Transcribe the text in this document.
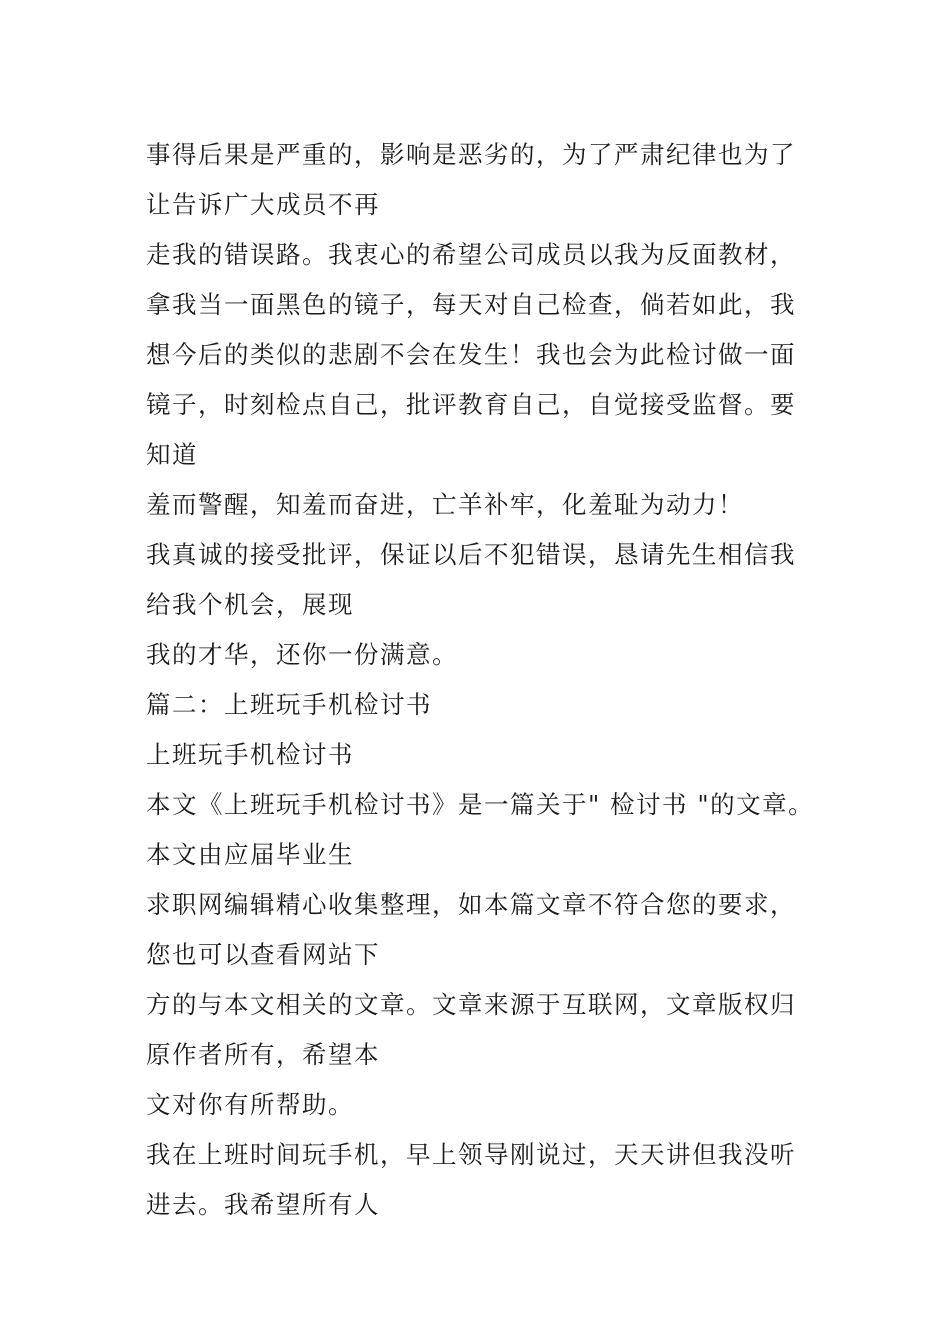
事得后果是严重的，影响是恶劣的，为了严肃纪律也为了
让告诉广大成员不再
走我的错误路。我衷心的希望公司成员以我为反面教材，
拿我当一面黑色的镜子，每天对自己检查，倘若如此，我
想今后的类似的悲剧不会在发生！我也会为此检讨做一面
镜子，时刻检点自己，批评教育自己，自觉接受监督。要
知道
羞而警醒，知羞而奋进，亡羊补牢，化羞耻为动力！
我真诚的接受批评，保证以后不犯错误，恳请先生相信我
给我个机会，展现
我的才华，还你一份满意。
篇二：上班玩手机检讨书
上班玩手机检讨书
本文《上班玩手机检讨书》是一篇关于" 检讨书 "的文章。
本文由应届毕业生
求职网编辑精心收集整理，如本篇文章不符合您的要求，
您也可以查看网站下
方的与本文相关的文章。文章来源于互联网，文章版权归
原作者所有，希望本
文对你有所帮助。
我在上班时间玩手机，早上领导刚说过，天天讲但我没听
进去。我希望所有人
